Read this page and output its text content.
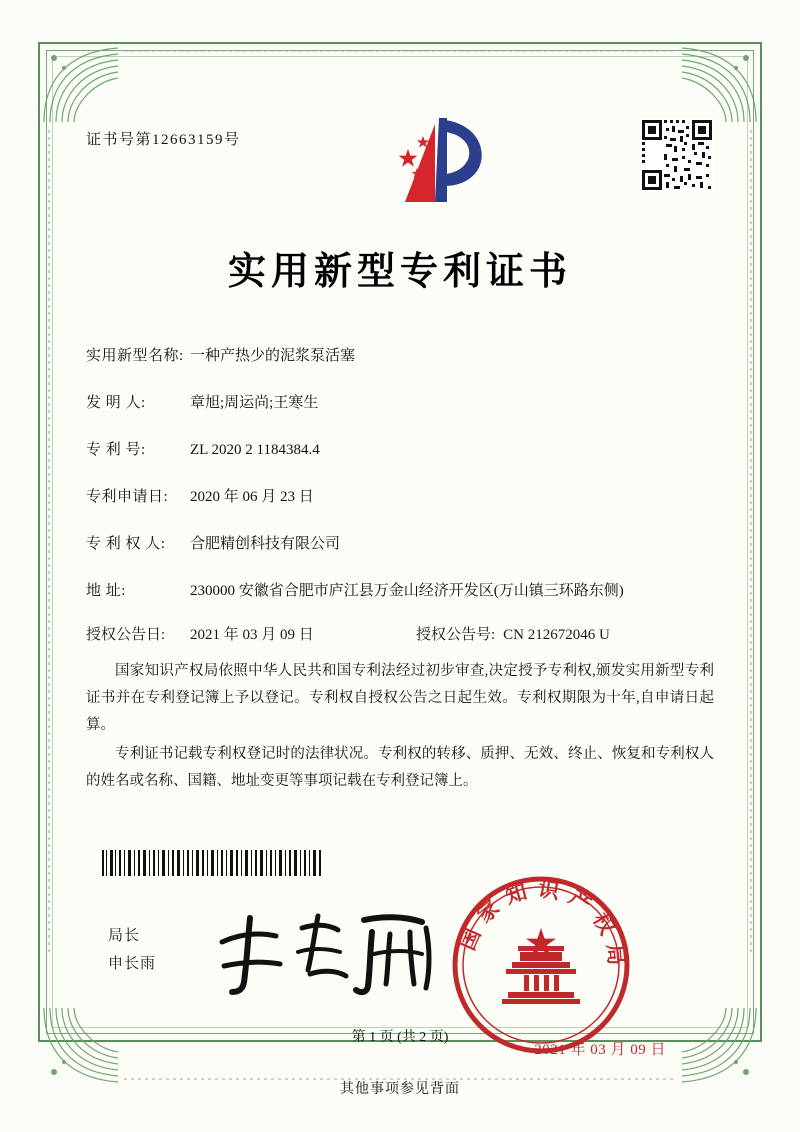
证书号第12663159号
实用新型专利证书
实用新型名称: 一种产热少的泥浆泵活塞
发 明 人:	章旭;周运尚;王寒生
专 利 号:	ZL 2020 2 1184384.4
专利申请日:	2020 年 06 月 23 日
专 利 权 人:	合肥精创科技有限公司
地 址:	230000 安徽省合肥市庐江县万金山经济开发区(万山镇三环路东侧)
授权公告日:	2021 年 03 月 09 日	授权公告号: CN 212672046 U
国家知识产权局依照中华人民共和国专利法经过初步审查,决定授予专利权,颁发实用新型专利证书并在专利登记簿上予以登记。专利权自授权公告之日起生效。专利权期限为十年,自申请日起算。
专利证书记载专利权登记时的法律状况。专利权的转移、质押、无效、终止、恢复和专利权人的姓名或名称、国籍、地址变更等事项记载在专利登记簿上。
局长
申长雨
国家知识产权局
2021 年 03 月 09 日
第 1 页 (共 2 页)
其他事项参见背面
